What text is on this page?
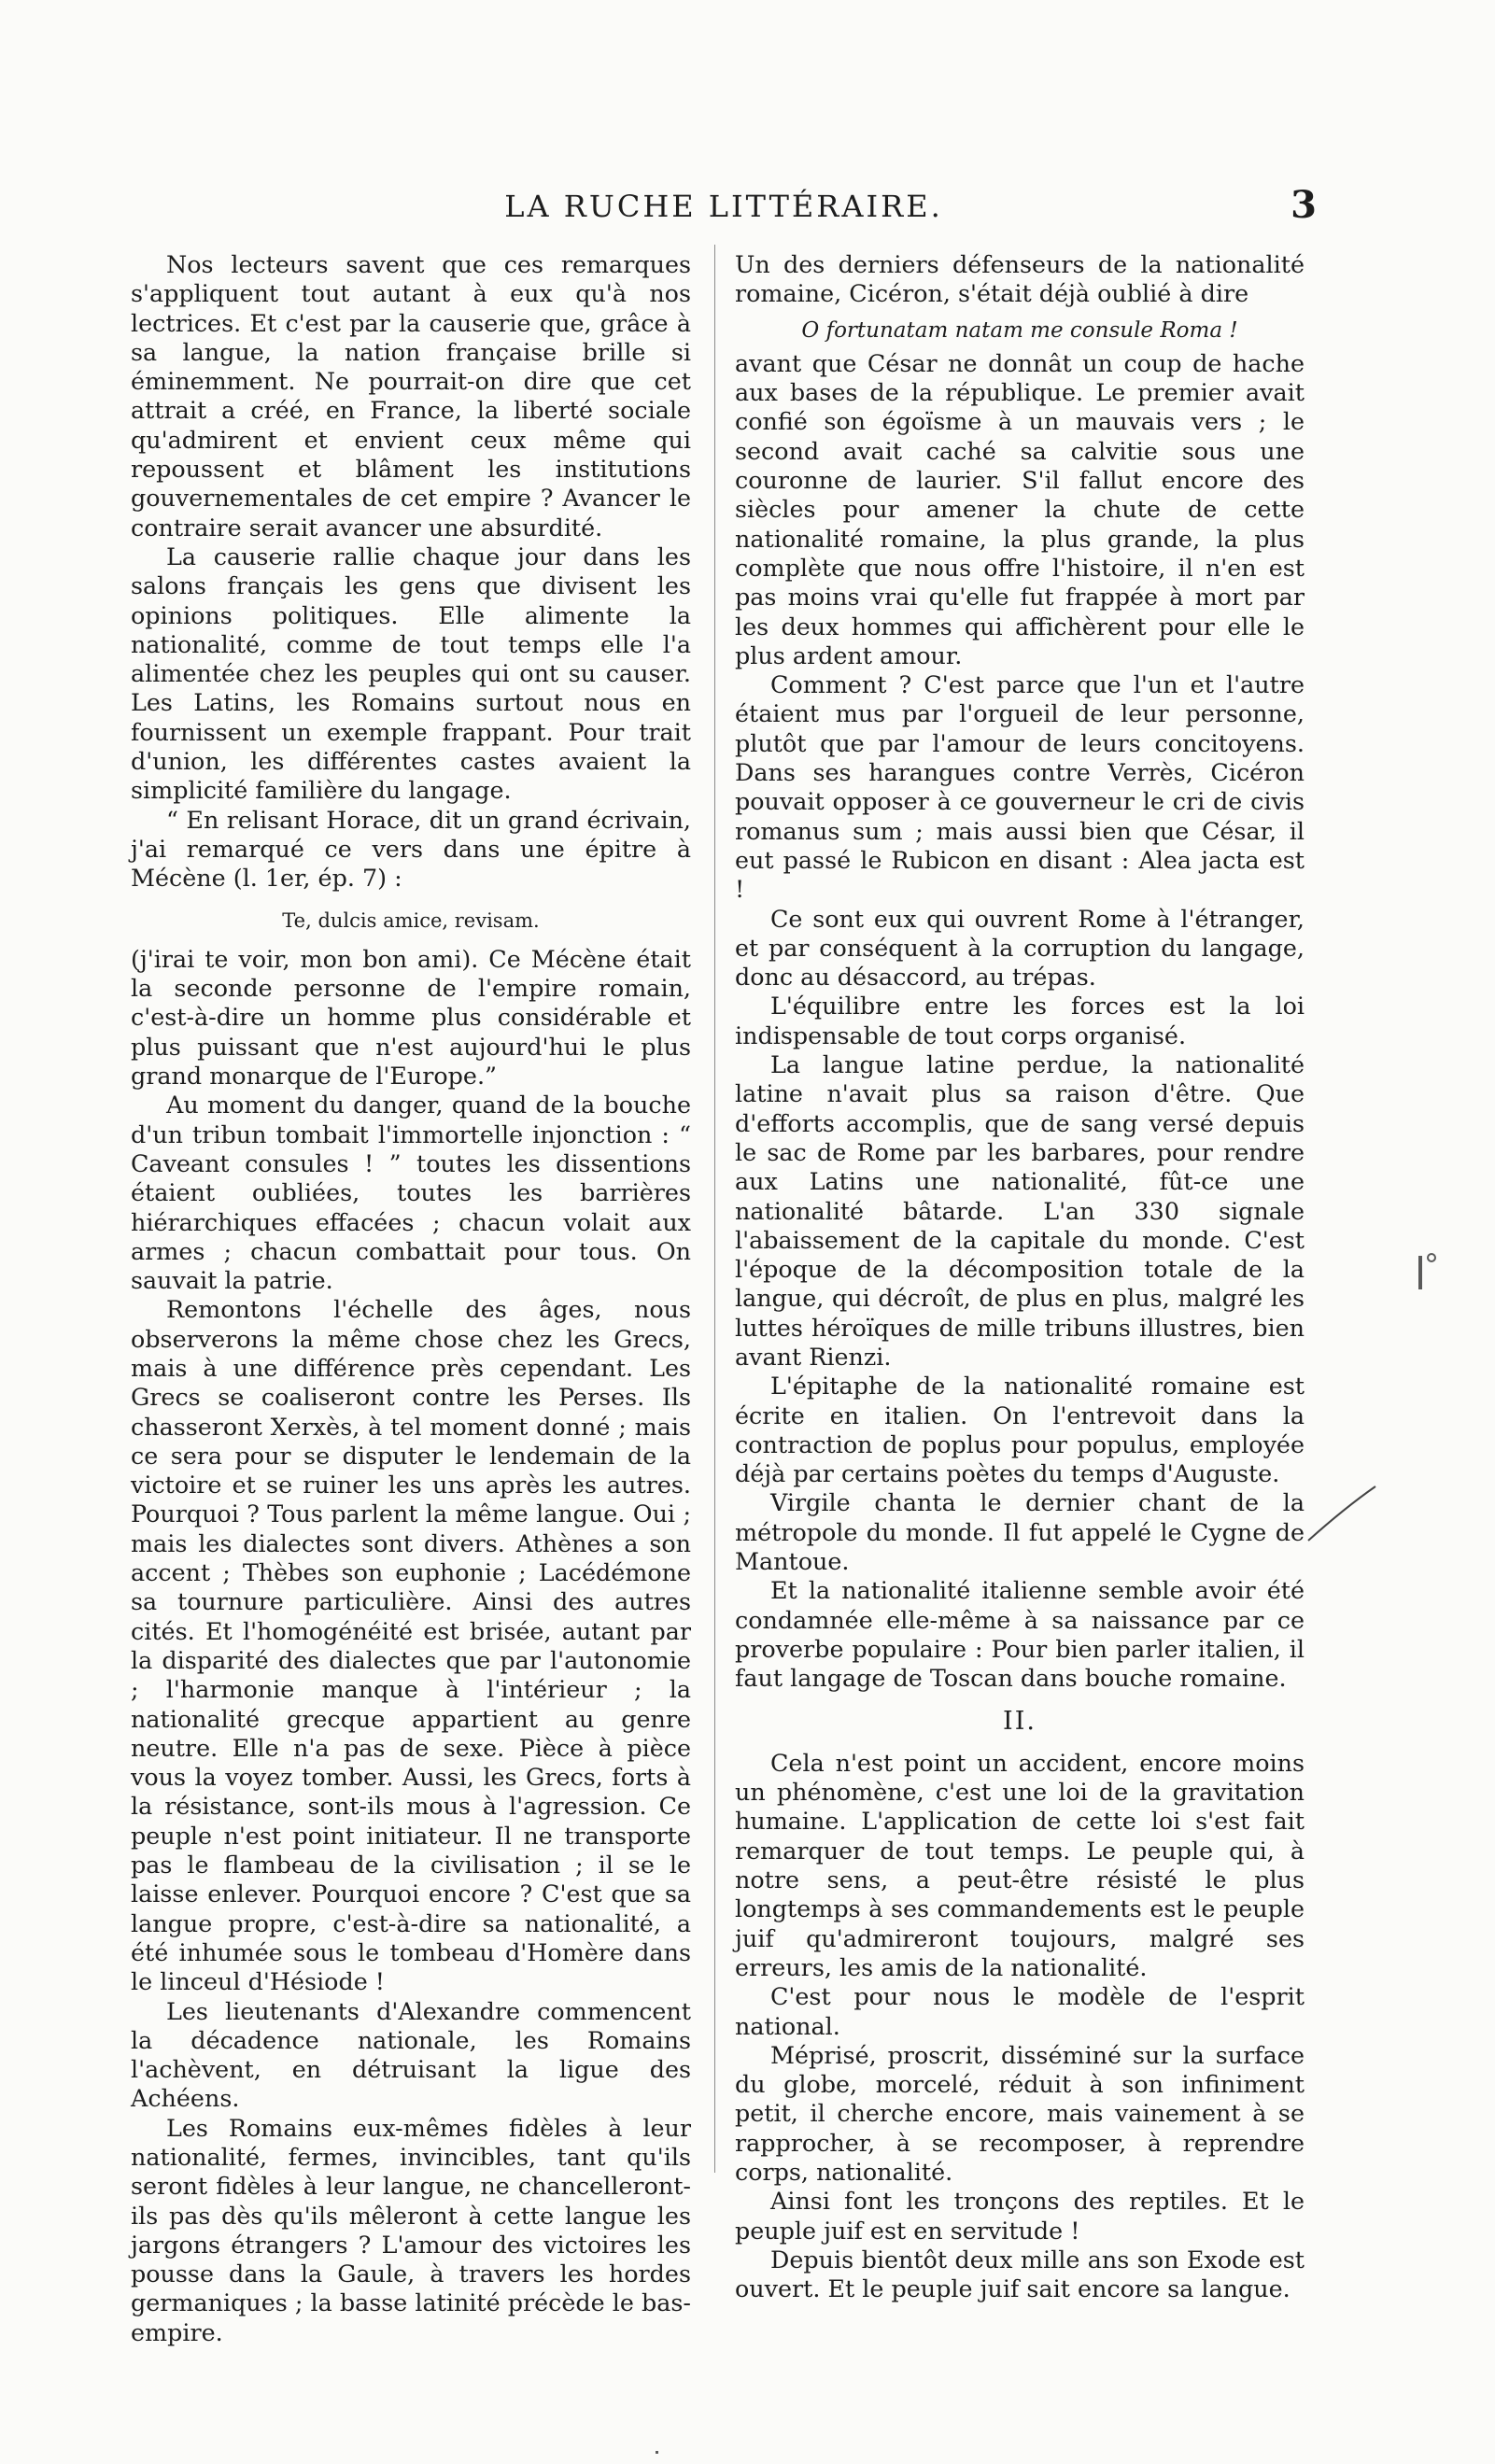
LA RUCHE LITTÉRAIRE.	3

Nos lecteurs savent que ces remarques s'appliquent tout autant à eux qu'à nos lectrices. Et c'est par la causerie que, grâce à sa langue, la nation française brille si éminemment. Ne pourrait-on dire que cet attrait a créé, en France, la liberté sociale qu'admirent et envient ceux même qui repoussent et blâment les institutions gouvernementales de cet empire ? Avancer le contraire serait avancer une absurdité.

La causerie rallie chaque jour dans les salons français les gens que divisent les opinions politiques. Elle alimente la nationalité, comme de tout temps elle l'a alimentée chez les peuples qui ont su causer. Les Latins, les Romains surtout nous en fournissent un exemple frappant. Pour trait d'union, les différentes castes avaient la simplicité familière du langage.

“ En relisant Horace, dit un grand écrivain, j'ai remarqué ce vers dans une épitre à Mécène (l. 1er, ép. 7) :

Te, dulcis amice, revisam.

(j'irai te voir, mon bon ami). Ce Mécène était la seconde personne de l'empire romain, c'est-à-dire un homme plus considérable et plus puissant que n'est aujourd'hui le plus grand monarque de l'Europe.”

Au moment du danger, quand de la bouche d'un tribun tombait l'immortelle injonction : “ Caveant consules ! ” toutes les dissentions étaient oubliées, toutes les barrières hiérarchiques effacées ; chacun volait aux armes ; chacun combattait pour tous. On sauvait la patrie.

Remontons l'échelle des âges, nous observerons la même chose chez les Grecs, mais à une différence près cependant. Les Grecs se coaliseront contre les Perses. Ils chasseront Xerxès, à tel moment donné ; mais ce sera pour se disputer le lendemain de la victoire et se ruiner les uns après les autres. Pourquoi ? Tous parlent la même langue. Oui ; mais les dialectes sont divers. Athènes a son accent ; Thèbes son euphonie ; Lacédémone sa tournure particulière. Ainsi des autres cités. Et l'homogénéité est brisée, autant par la disparité des dialectes que par l'autonomie ; l'harmonie manque à l'intérieur ; la nationalité grecque appartient au genre neutre. Elle n'a pas de sexe. Pièce à pièce vous la voyez tomber. Aussi, les Grecs, forts à la résistance, sont-ils mous à l'agression. Ce peuple n'est point initiateur. Il ne transporte pas le flambeau de la civilisation ; il se le laisse enlever. Pourquoi encore ? C'est que sa langue propre, c'est-à-dire sa nationalité, a été inhumée sous le tombeau d'Homère dans le linceul d'Hésiode !

Les lieutenants d'Alexandre commencent la décadence nationale, les Romains l'achèvent, en détruisant la ligue des Achéens.

Les Romains eux-mêmes fidèles à leur nationalité, fermes, invincibles, tant qu'ils seront fidèles à leur langue, ne chancelleront-ils pas dès qu'ils mêleront à cette langue les jargons étrangers ? L'amour des victoires les pousse dans la Gaule, à travers les hordes germaniques ; la basse latinité précède le bas-empire.

Un des derniers défenseurs de la nationalité romaine, Cicéron, s'était déjà oublié à dire

O fortunatam natam me consule Roma !

avant que César ne donnât un coup de hache aux bases de la république. Le premier avait confié son égoïsme à un mauvais vers ; le second avait caché sa calvitie sous une couronne de laurier. S'il fallut encore des siècles pour amener la chute de cette nationalité romaine, la plus grande, la plus complète que nous offre l'histoire, il n'en est pas moins vrai qu'elle fut frappée à mort par les deux hommes qui affichèrent pour elle le plus ardent amour.

Comment ? C'est parce que l'un et l'autre étaient mus par l'orgueil de leur personne, plutôt que par l'amour de leurs concitoyens. Dans ses harangues contre Verrès, Cicéron pouvait opposer à ce gouverneur le cri de civis romanus sum ; mais aussi bien que César, il eut passé le Rubicon en disant : Alea jacta est !

Ce sont eux qui ouvrent Rome à l'étranger, et par conséquent à la corruption du langage, donc au désaccord, au trépas.

L'équilibre entre les forces est la loi indispensable de tout corps organisé.

La langue latine perdue, la nationalité latine n'avait plus sa raison d'être. Que d'efforts accomplis, que de sang versé depuis le sac de Rome par les barbares, pour rendre aux Latins une nationalité, fût-ce une nationalité bâtarde. L'an 330 signale l'abaissement de la capitale du monde. C'est l'époque de la décomposition totale de la langue, qui décroît, de plus en plus, malgré les luttes héroïques de mille tribuns illustres, bien avant Rienzi.

L'épitaphe de la nationalité romaine est écrite en italien. On l'entrevoit dans la contraction de poplus pour populus, employée déjà par certains poètes du temps d'Auguste.

Virgile chanta le dernier chant de la métropole du monde. Il fut appelé le Cygne de Mantoue.

Et la nationalité italienne semble avoir été condamnée elle-même à sa naissance par ce proverbe populaire : Pour bien parler italien, il faut langage de Toscan dans bouche romaine.

II.

Cela n'est point un accident, encore moins un phénomène, c'est une loi de la gravitation humaine. L'application de cette loi s'est fait remarquer de tout temps. Le peuple qui, à notre sens, a peut-être résisté le plus longtemps à ses commandements est le peuple juif qu'admireront toujours, malgré ses erreurs, les amis de la nationalité.

C'est pour nous le modèle de l'esprit national.

Méprisé, proscrit, disséminé sur la surface du globe, morcelé, réduit à son infiniment petit, il cherche encore, mais vainement à se rapprocher, à se recomposer, à reprendre corps, nationalité.

Ainsi font les tronçons des reptiles. Et le peuple juif est en servitude !

Depuis bientôt deux mille ans son Exode est ouvert. Et le peuple juif sait encore sa langue.
